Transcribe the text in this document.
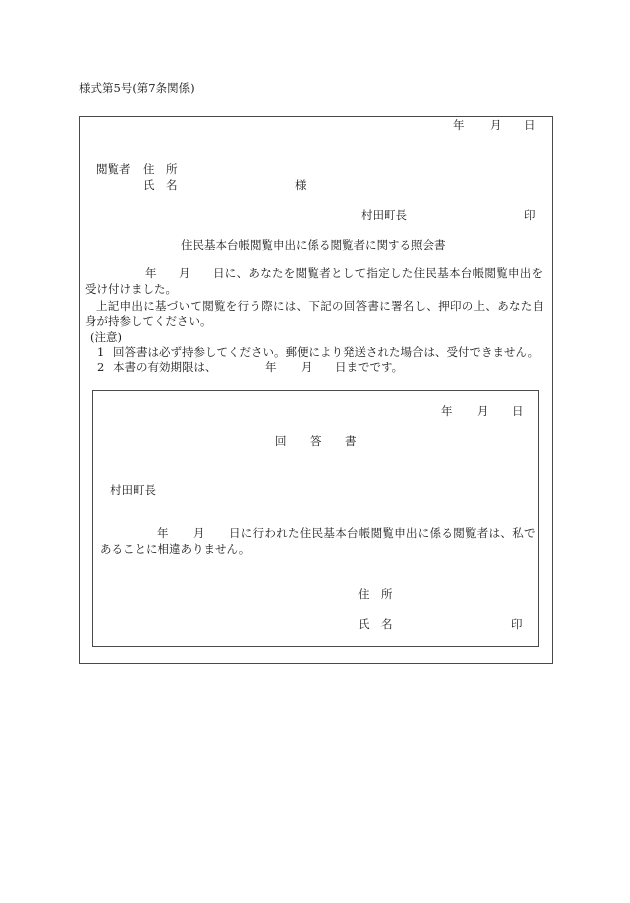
様式第5号(第7条関係)
年 月 日
閲覧者 住　所
氏　名	様
村田町長	印
住民基本台帳閲覧申出に係る閲覧者に関する照会書
年 月 日に、あなたを閲覧者として指定した住民基本台帳閲覧申出を
受け付けました。
上記申出に基づいて閲覧を行う際には、下記の回答書に署名し、押印の上、あなた自
身が持参してください。
(注意)
1 回答書は必ず持参してください。郵便により発送された場合は、受付できません。
2 本書の有効期限は、	年 月 日までです。
年 月 日
回　答　書
村田町長
年 月 日に行われた住民基本台帳閲覧申出に係る閲覧者は、私で
あることに相違ありません。
住　所
氏　名	印
